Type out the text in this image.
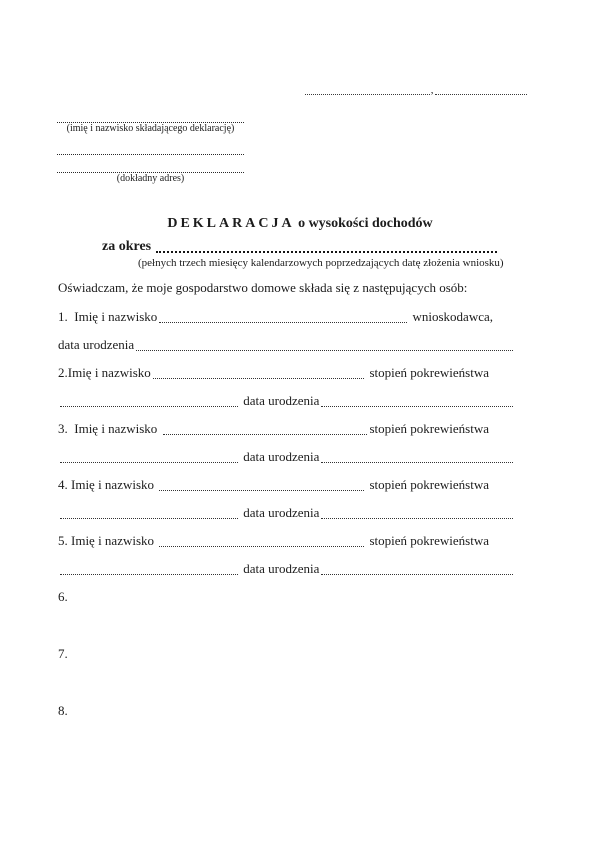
,
(imię i nazwisko składającego deklarację)
(dokładny adres)
DEKLARACJA o wysokości dochodów
za okres
(pełnych trzech miesięcy kalendarzowych poprzedzających datę złożenia wniosku)
Oświadczam, że moje gospodarstwo domowe składa się z następujących osób:
1.  Imię i nazwisko	wnioskodawca,
data urodzenia
2.Imię i nazwisko	stopień pokrewieństwa
data urodzenia
3.  Imię i nazwisko	stopień pokrewieństwa
data urodzenia
4. Imię i nazwisko	stopień pokrewieństwa
data urodzenia
5. Imię i nazwisko	stopień pokrewieństwa
data urodzenia
6.
7.
8.
